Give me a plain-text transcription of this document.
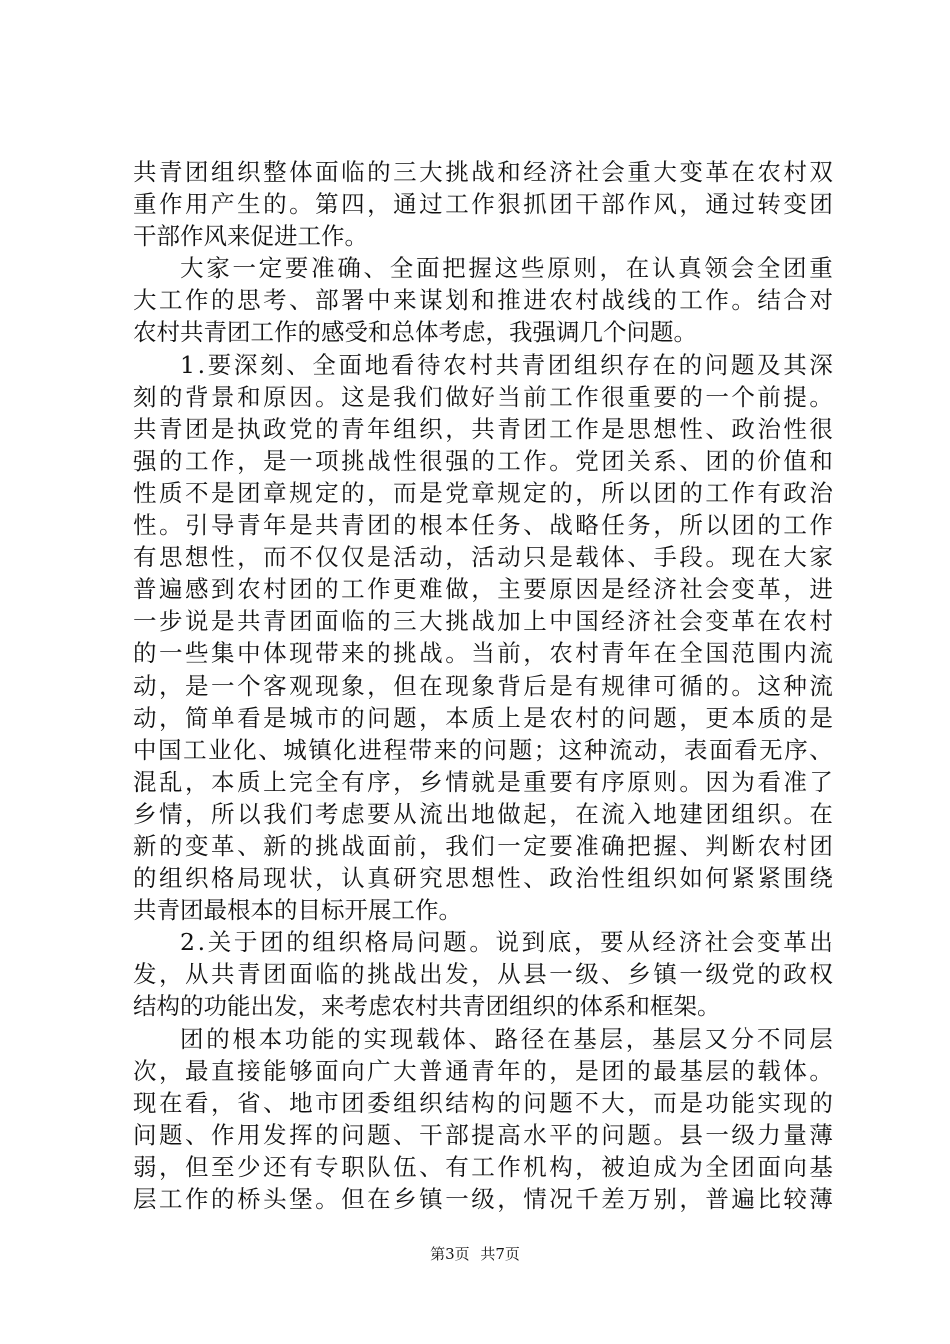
共 青 团 组 织 整 体 面 临 的 三 大 挑 战 和 经 济 社 会 重 大 变 革 在 农 村 双
重 作 用 产 生 的 。 第 四 ， 通 过 工 作 狠 抓 团 干 部 作 风 ， 通 过 转 变 团
干部作风来促进工作。
大 家 一 定 要 准 确 、 全 面 把 握 这 些 原 则 ， 在 认 真 领 会 全 团 重
大 工 作 的 思 考 、 部 署 中 来 谋 划 和 推 进 农 村 战 线 的 工 作 。 结 合 对
农村共青团工作的感受和总体考虑，我强调几个问题。
1 . 要 深 刻 、 全 面 地 看 待 农 村 共 青 团 组 织 存 在 的 问 题 及 其 深
刻 的 背 景 和 原 因 。 这 是 我 们 做 好 当 前 工 作 很 重 要 的 一 个 前 提 。
共 青 团 是 执 政 党 的 青 年 组 织 ， 共 青 团 工 作 是 思 想 性 、 政 治 性 很
强 的 工 作 ， 是 一 项 挑 战 性 很 强 的 工 作 。 党 团 关 系 、 团 的 价 值 和
性 质 不 是 团 章 规 定 的 ， 而 是 党 章 规 定 的 ， 所 以 团 的 工 作 有 政 治
性 。 引 导 青 年 是 共 青 团 的 根 本 任 务 、 战 略 任 务 ， 所 以 团 的 工 作
有 思 想 性 ， 而 不 仅 仅 是 活 动 ， 活 动 只 是 载 体 、 手 段 。 现 在 大 家
普 遍 感 到 农 村 团 的 工 作 更 难 做 ， 主 要 原 因 是 经 济 社 会 变 革 ， 进
一 步 说 是 共 青 团 面 临 的 三 大 挑 战 加 上 中 国 经 济 社 会 变 革 在 农 村
的 一 些 集 中 体 现 带 来 的 挑 战 。 当 前 ， 农 村 青 年 在 全 国 范 围 内 流
动 ， 是 一 个 客 观 现 象 ， 但 在 现 象 背 后 是 有 规 律 可 循 的 。 这 种 流
动 ， 简 单 看 是 城 市 的 问 题 ， 本 质 上 是 农 村 的 问 题 ， 更 本 质 的 是
中 国 工 业 化 、 城 镇 化 进 程 带 来 的 问 题 ； 这 种 流 动 ， 表 面 看 无 序 、
混 乱 ， 本 质 上 完 全 有 序 ， 乡 情 就 是 重 要 有 序 原 则 。 因 为 看 准 了
乡 情 ， 所 以 我 们 考 虑 要 从 流 出 地 做 起 ， 在 流 入 地 建 团 组 织 。 在
新 的 变 革 、 新 的 挑 战 面 前 ， 我 们 一 定 要 准 确 把 握 、 判 断 农 村 团
的 组 织 格 局 现 状 ， 认 真 研 究 思 想 性 、 政 治 性 组 织 如 何 紧 紧 围 绕
共青团最根本的目标开展工作。
2 . 关 于 团 的 组 织 格 局 问 题 。 说 到 底 ， 要 从 经 济 社 会 变 革 出
发 ， 从 共 青 团 面 临 的 挑 战 出 发 ， 从 县 一 级 、 乡 镇 一 级 党 的 政 权
结构的功能出发，来考虑农村共青团组织的体系和框架。
团 的 根 本 功 能 的 实 现 载 体 、 路 径 在 基 层 ， 基 层 又 分 不 同 层
次 ， 最 直 接 能 够 面 向 广 大 普 通 青 年 的 ， 是 团 的 最 基 层 的 载 体 。
现 在 看 ， 省 、 地 市 团 委 组 织 结 构 的 问 题 不 大 ， 而 是 功 能 实 现 的
问 题 、 作 用 发 挥 的 问 题 、 干 部 提 高 水 平 的 问 题 。 县 一 级 力 量 薄
弱 ， 但 至 少 还 有 专 职 队 伍 、 有 工 作 机 构 ， 被 迫 成 为 全 团 面 向 基
层 工 作 的 桥 头 堡 。 但 在 乡 镇 一 级 ， 情 况 千 差 万 别 ， 普 遍 比 较 薄
第3页 共7页
